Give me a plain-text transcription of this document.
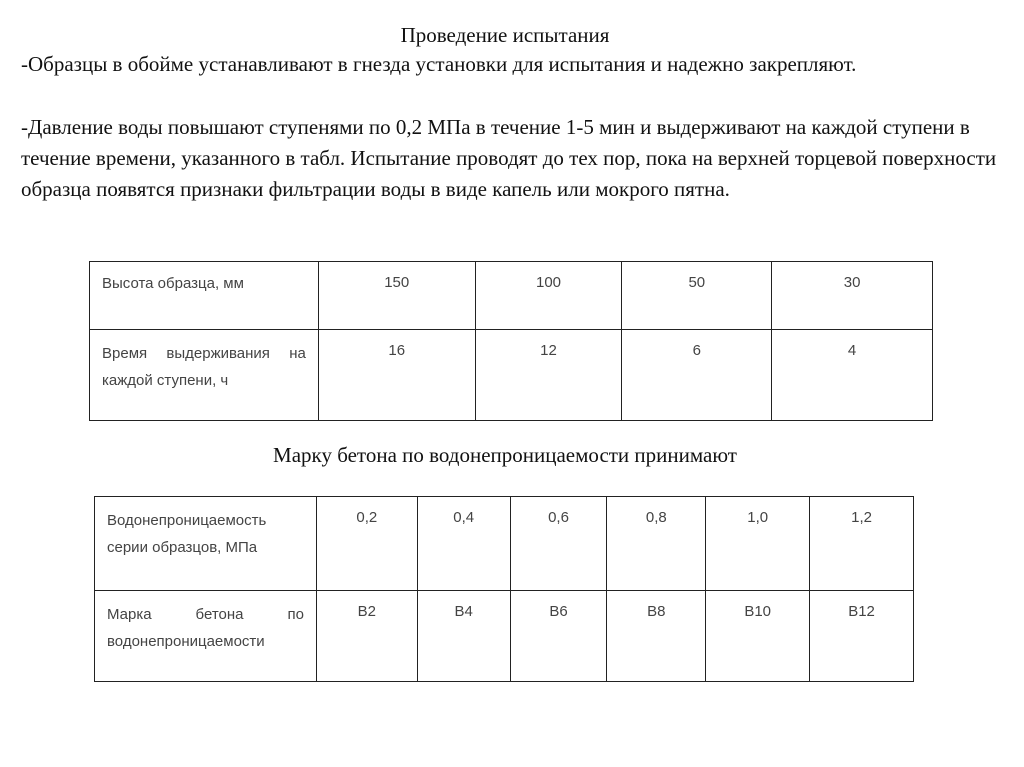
Проведение испытания

-Образцы в обойме устанавливают в гнезда установки для испытания и надежно закрепляют.

-Давление воды повышают ступенями по 0,2 МПа в течение 1-5 мин и выдерживают на каждой ступени в течение времени, указанного в табл. Испытание проводят до тех пор, пока на верхней торцевой поверхности образца появятся признаки фильтрации воды в виде капель или мокрого пятна.

Высота образца, мм	150	100	50	30
Время выдерживания на каждой ступени, ч	16	12	6	4
Марку бетона по водонепроницаемости принимают
Водонепроницаемость серии образцов, МПа	0,2	0,4	0,6	0,8	1,0	1,2
Марка бетона по водонепроницаемости	В2	В4	В6	В8	В10	В12
